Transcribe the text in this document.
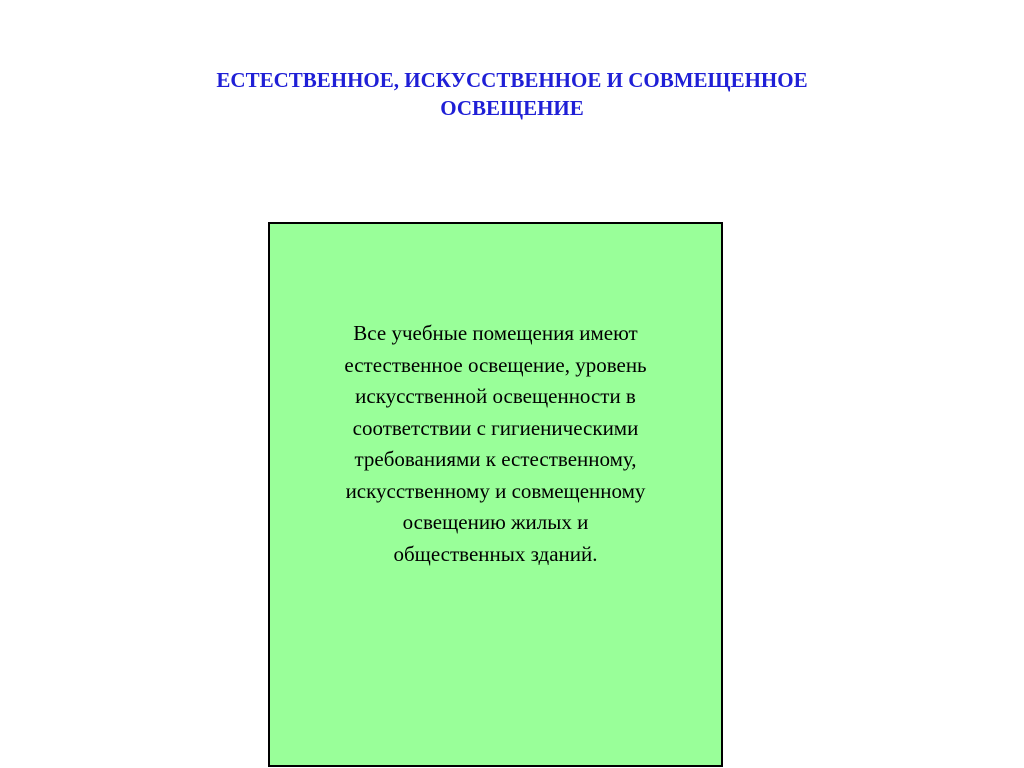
ЕСТЕСТВЕННОЕ, ИСКУССТВЕННОЕ И СОВМЕЩЕННОЕ
ОСВЕЩЕНИЕ

Все учебные помещения имеют
естественное освещение, уровень
искусственной освещенности в
соответствии с гигиеническими
требованиями к естественному,
искусственному и совмещенному
освещению жилых и
общественных зданий.
